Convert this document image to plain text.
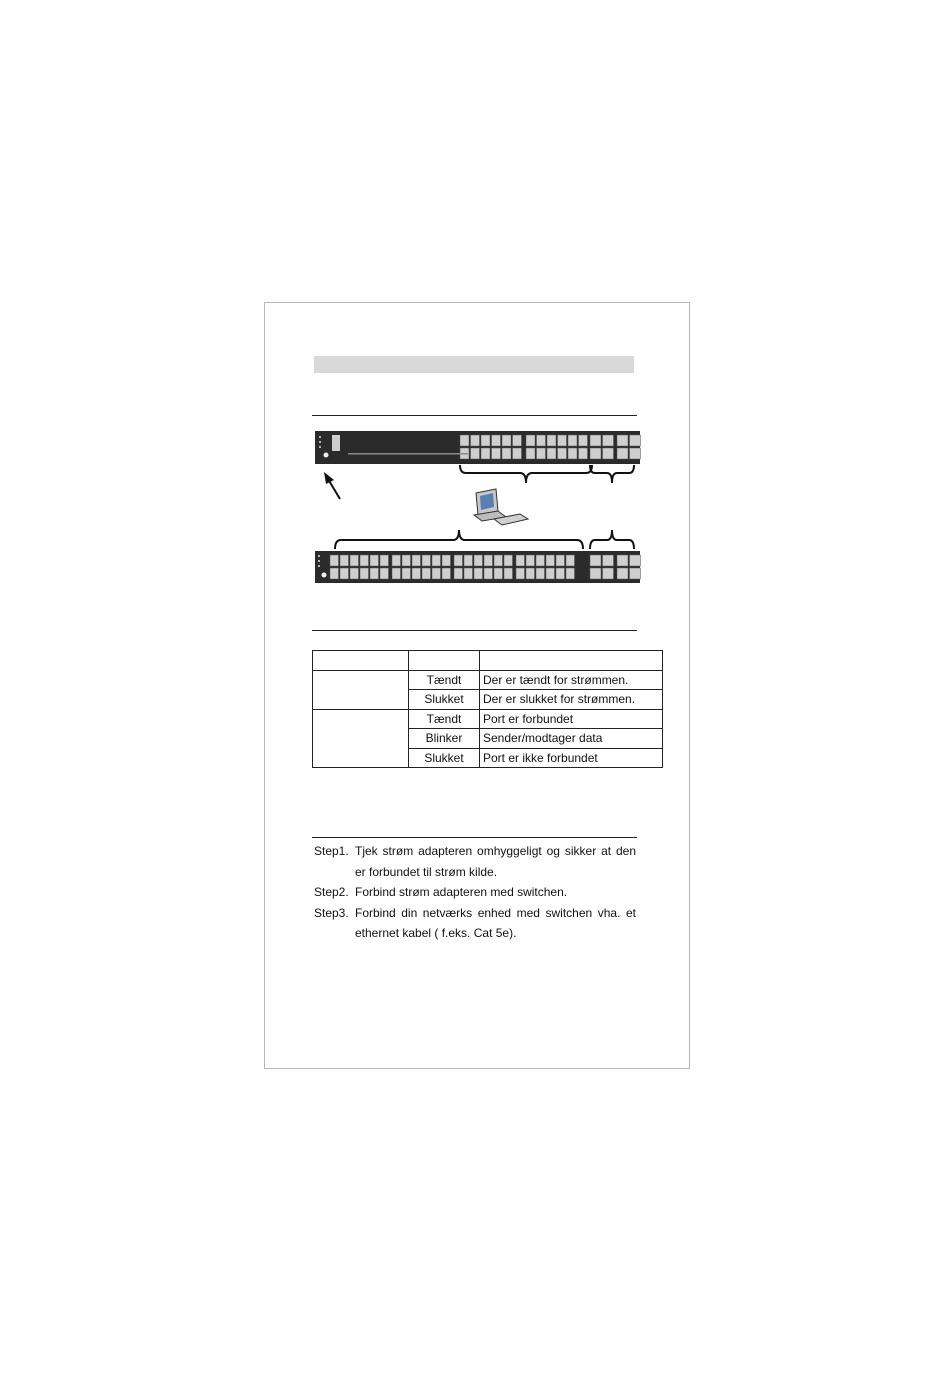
	Tændt	Der er tændt for strømmen.
	Slukket	Der er slukket for strømmen.
	Tændt	Port er forbundet
	Blinker	Sender/modtager data
	Slukket	Port er ikke forbundet
Step1. Tjek strøm adapteren omhyggeligt og sikker at den er forbundet til strøm kilde.
Step2. Forbind strøm adapteren med switchen.
Step3. Forbind din netværks enhed med switchen vha. et ethernet kabel ( f.eks. Cat 5e).
